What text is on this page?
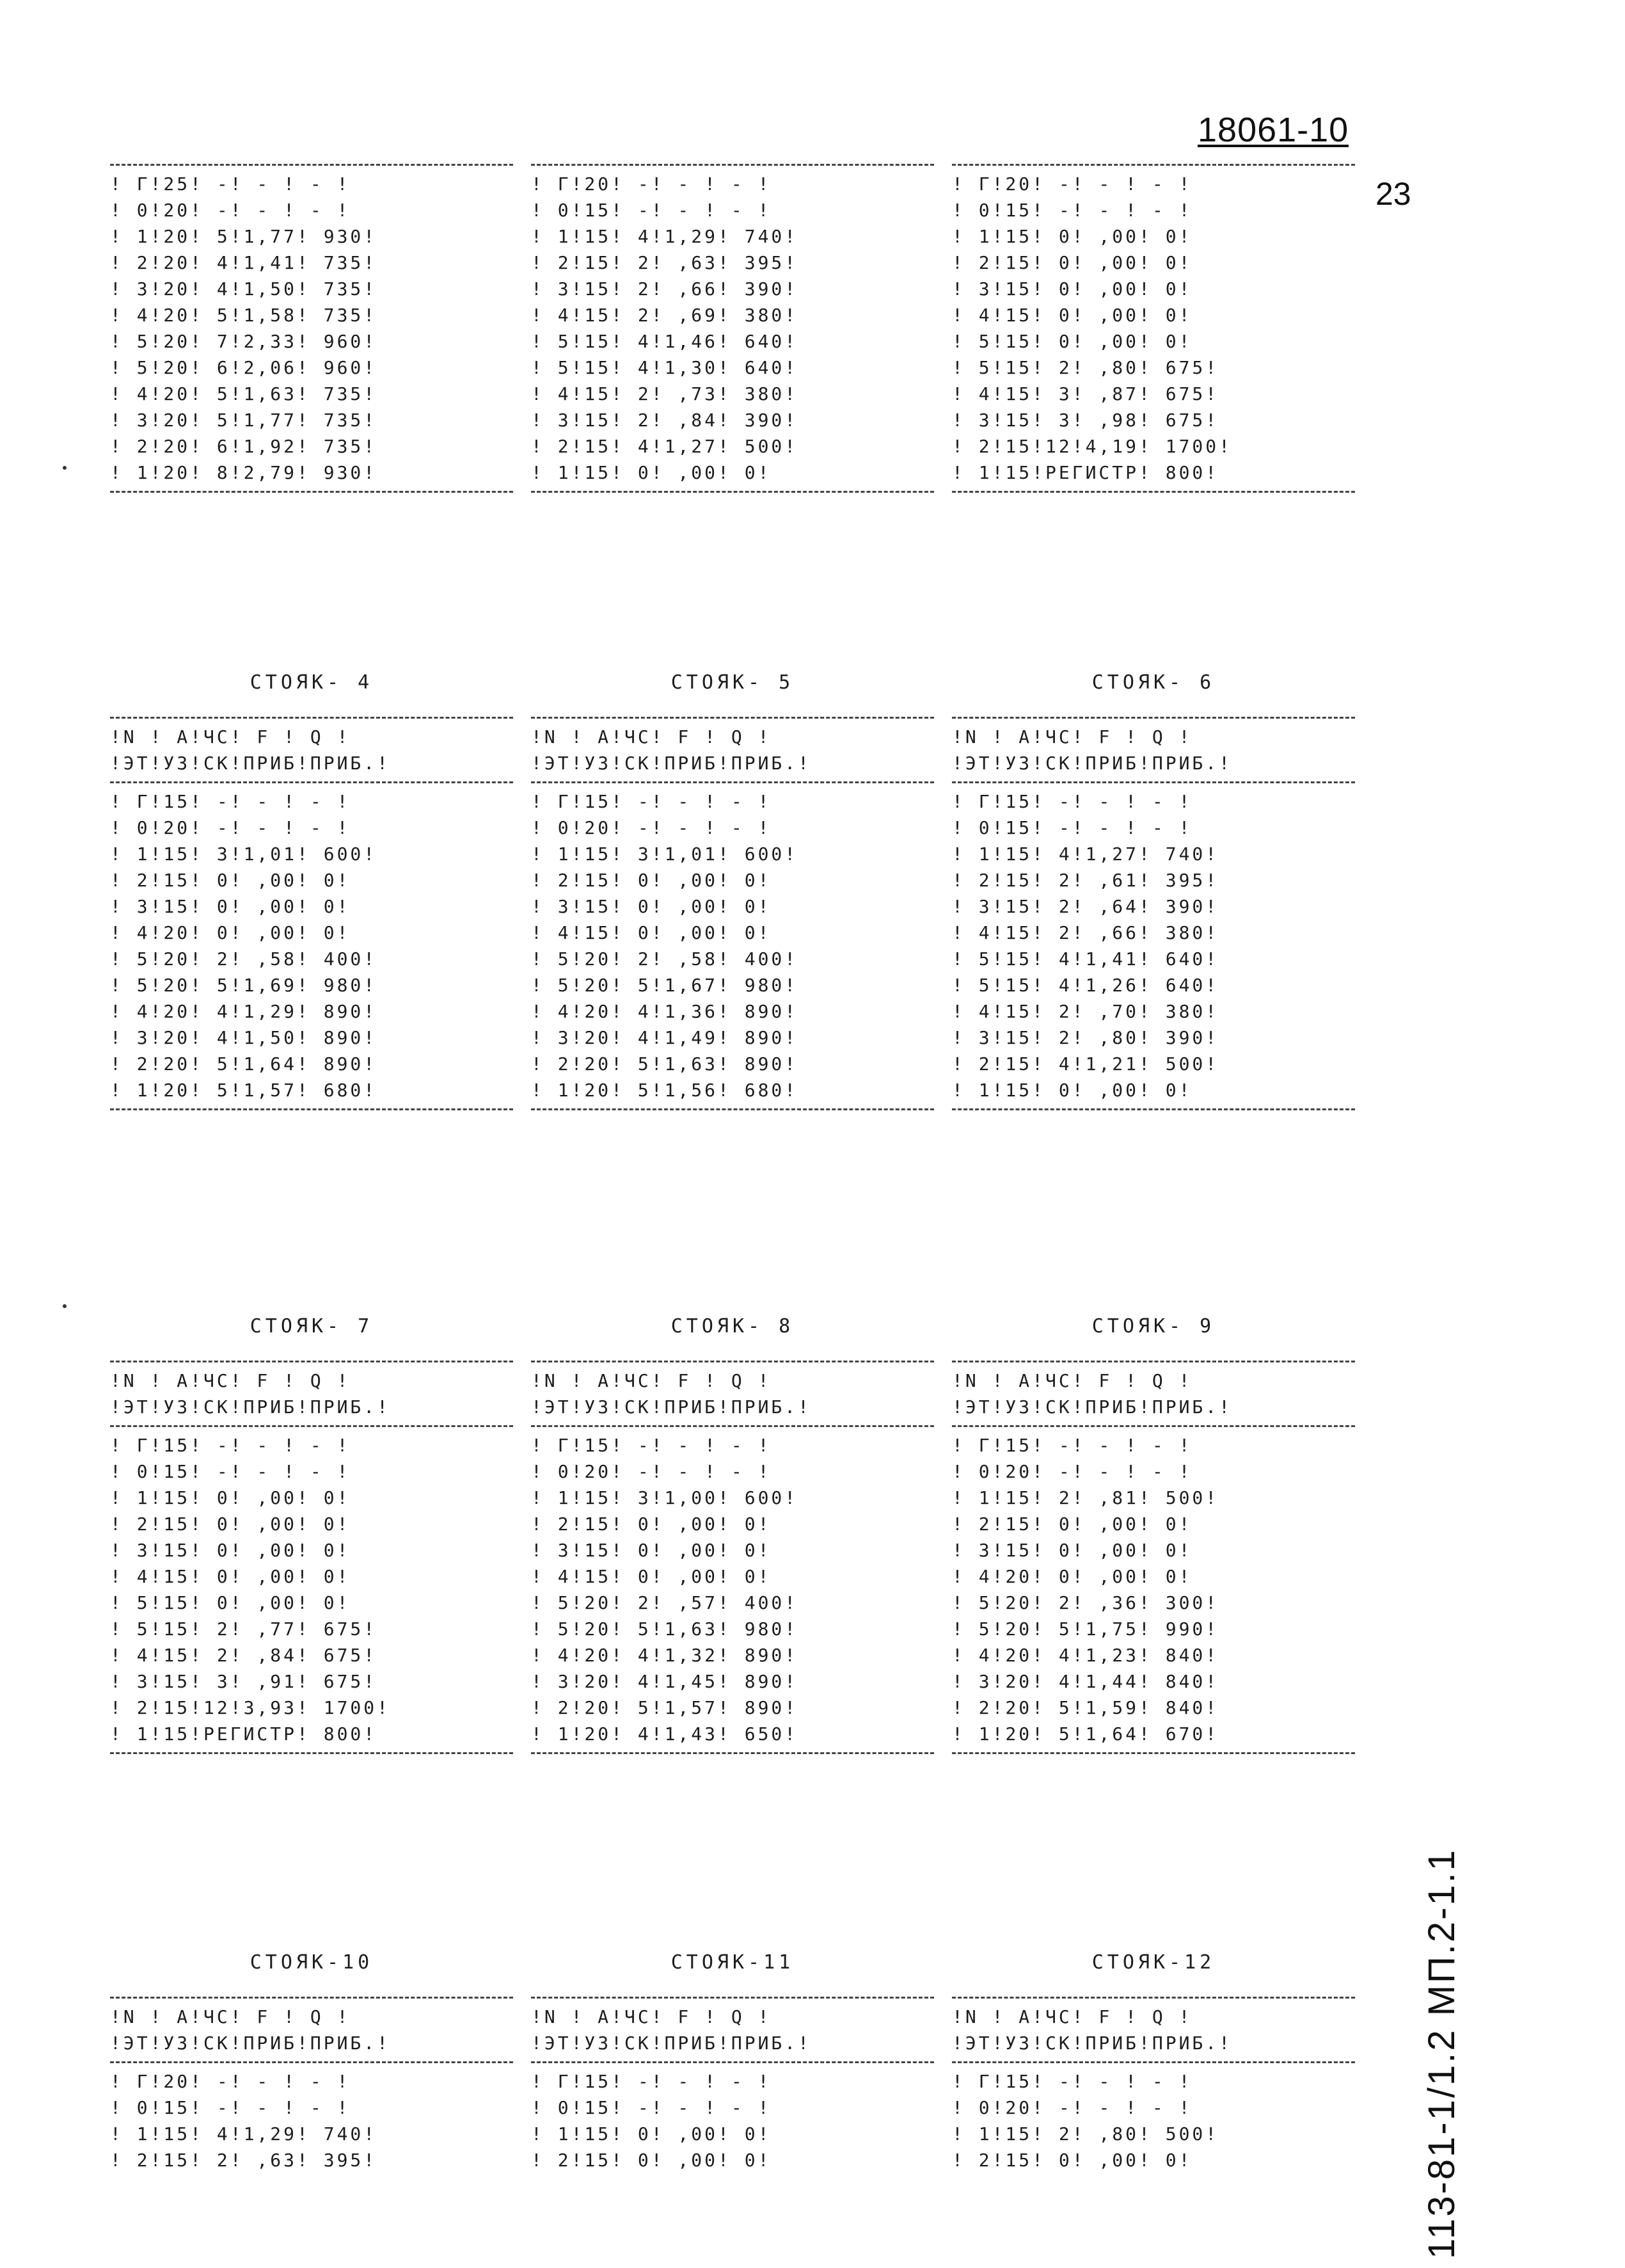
18061-10
23
113-81-1/1.2 МП.2-1.1
! Г!25! -! - ! - !
! 0!20! -! - ! - !
! 1!20! 5!1,77! 930!
! 2!20! 4!1,41! 735!
! 3!20! 4!1,50! 735!
! 4!20! 5!1,58! 735!
! 5!20! 7!2,33! 960!
! 5!20! 6!2,06! 960!
! 4!20! 5!1,63! 735!
! 3!20! 5!1,77! 735!
! 2!20! 6!1,92! 735!
! 1!20! 8!2,79! 930!
! Г!20! -! - ! - !
! 0!15! -! - ! - !
! 1!15! 4!1,29! 740!
! 2!15! 2! ,63! 395!
! 3!15! 2! ,66! 390!
! 4!15! 2! ,69! 380!
! 5!15! 4!1,46! 640!
! 5!15! 4!1,30! 640!
! 4!15! 2! ,73! 380!
! 3!15! 2! ,84! 390!
! 2!15! 4!1,27! 500!
! 1!15! 0! ,00! 0!
! Г!20! -! - ! - !
! 0!15! -! - ! - !
! 1!15! 0! ,00! 0!
! 2!15! 0! ,00! 0!
! 3!15! 0! ,00! 0!
! 4!15! 0! ,00! 0!
! 5!15! 0! ,00! 0!
! 5!15! 2! ,80! 675!
! 4!15! 3! ,87! 675!
! 3!15! 3! ,98! 675!
! 2!15!12!4,19! 1700!
! 1!15!РЕГИСТР! 800!
СТОЯК- 4
!N ! А!ЧС! F ! Q !
!ЭТ!УЗ!СК!ПРИБ!ПРИБ.!
! Г!15! -! - ! - !
! 0!20! -! - ! - !
! 1!15! 3!1,01! 600!
! 2!15! 0! ,00! 0!
! 3!15! 0! ,00! 0!
! 4!20! 0! ,00! 0!
! 5!20! 2! ,58! 400!
! 5!20! 5!1,69! 980!
! 4!20! 4!1,29! 890!
! 3!20! 4!1,50! 890!
! 2!20! 5!1,64! 890!
! 1!20! 5!1,57! 680!
СТОЯК- 5
!N ! А!ЧС! F ! Q !
!ЭТ!УЗ!СК!ПРИБ!ПРИБ.!
! Г!15! -! - ! - !
! 0!20! -! - ! - !
! 1!15! 3!1,01! 600!
! 2!15! 0! ,00! 0!
! 3!15! 0! ,00! 0!
! 4!15! 0! ,00! 0!
! 5!20! 2! ,58! 400!
! 5!20! 5!1,67! 980!
! 4!20! 4!1,36! 890!
! 3!20! 4!1,49! 890!
! 2!20! 5!1,63! 890!
! 1!20! 5!1,56! 680!
СТОЯК- 6
!N ! А!ЧС! F ! Q !
!ЭТ!УЗ!СК!ПРИБ!ПРИБ.!
! Г!15! -! - ! - !
! 0!15! -! - ! - !
! 1!15! 4!1,27! 740!
! 2!15! 2! ,61! 395!
! 3!15! 2! ,64! 390!
! 4!15! 2! ,66! 380!
! 5!15! 4!1,41! 640!
! 5!15! 4!1,26! 640!
! 4!15! 2! ,70! 380!
! 3!15! 2! ,80! 390!
! 2!15! 4!1,21! 500!
! 1!15! 0! ,00! 0!
СТОЯК- 7
!N ! А!ЧС! F ! Q !
!ЭТ!УЗ!СК!ПРИБ!ПРИБ.!
! Г!15! -! - ! - !
! 0!15! -! - ! - !
! 1!15! 0! ,00! 0!
! 2!15! 0! ,00! 0!
! 3!15! 0! ,00! 0!
! 4!15! 0! ,00! 0!
! 5!15! 0! ,00! 0!
! 5!15! 2! ,77! 675!
! 4!15! 2! ,84! 675!
! 3!15! 3! ,91! 675!
! 2!15!12!3,93! 1700!
! 1!15!РЕГИСТР! 800!
СТОЯК- 8
!N ! А!ЧС! F ! Q !
!ЭТ!УЗ!СК!ПРИБ!ПРИБ.!
! Г!15! -! - ! - !
! 0!20! -! - ! - !
! 1!15! 3!1,00! 600!
! 2!15! 0! ,00! 0!
! 3!15! 0! ,00! 0!
! 4!15! 0! ,00! 0!
! 5!20! 2! ,57! 400!
! 5!20! 5!1,63! 980!
! 4!20! 4!1,32! 890!
! 3!20! 4!1,45! 890!
! 2!20! 5!1,57! 890!
! 1!20! 4!1,43! 650!
СТОЯК- 9
!N ! А!ЧС! F ! Q !
!ЭТ!УЗ!СК!ПРИБ!ПРИБ.!
! Г!15! -! - ! - !
! 0!20! -! - ! - !
! 1!15! 2! ,81! 500!
! 2!15! 0! ,00! 0!
! 3!15! 0! ,00! 0!
! 4!20! 0! ,00! 0!
! 5!20! 2! ,36! 300!
! 5!20! 5!1,75! 990!
! 4!20! 4!1,23! 840!
! 3!20! 4!1,44! 840!
! 2!20! 5!1,59! 840!
! 1!20! 5!1,64! 670!
СТОЯК-10
!N ! А!ЧС! F ! Q !
!ЭТ!УЗ!СК!ПРИБ!ПРИБ.!
! Г!20! -! - ! - !
! 0!15! -! - ! - !
! 1!15! 4!1,29! 740!
! 2!15! 2! ,63! 395!
СТОЯК-11
!N ! А!ЧС! F ! Q !
!ЭТ!УЗ!СК!ПРИБ!ПРИБ.!
! Г!15! -! - ! - !
! 0!15! -! - ! - !
! 1!15! 0! ,00! 0!
! 2!15! 0! ,00! 0!
СТОЯК-12
!N ! А!ЧС! F ! Q !
!ЭТ!УЗ!СК!ПРИБ!ПРИБ.!
! Г!15! -! - ! - !
! 0!20! -! - ! - !
! 1!15! 2! ,80! 500!
! 2!15! 0! ,00! 0!
